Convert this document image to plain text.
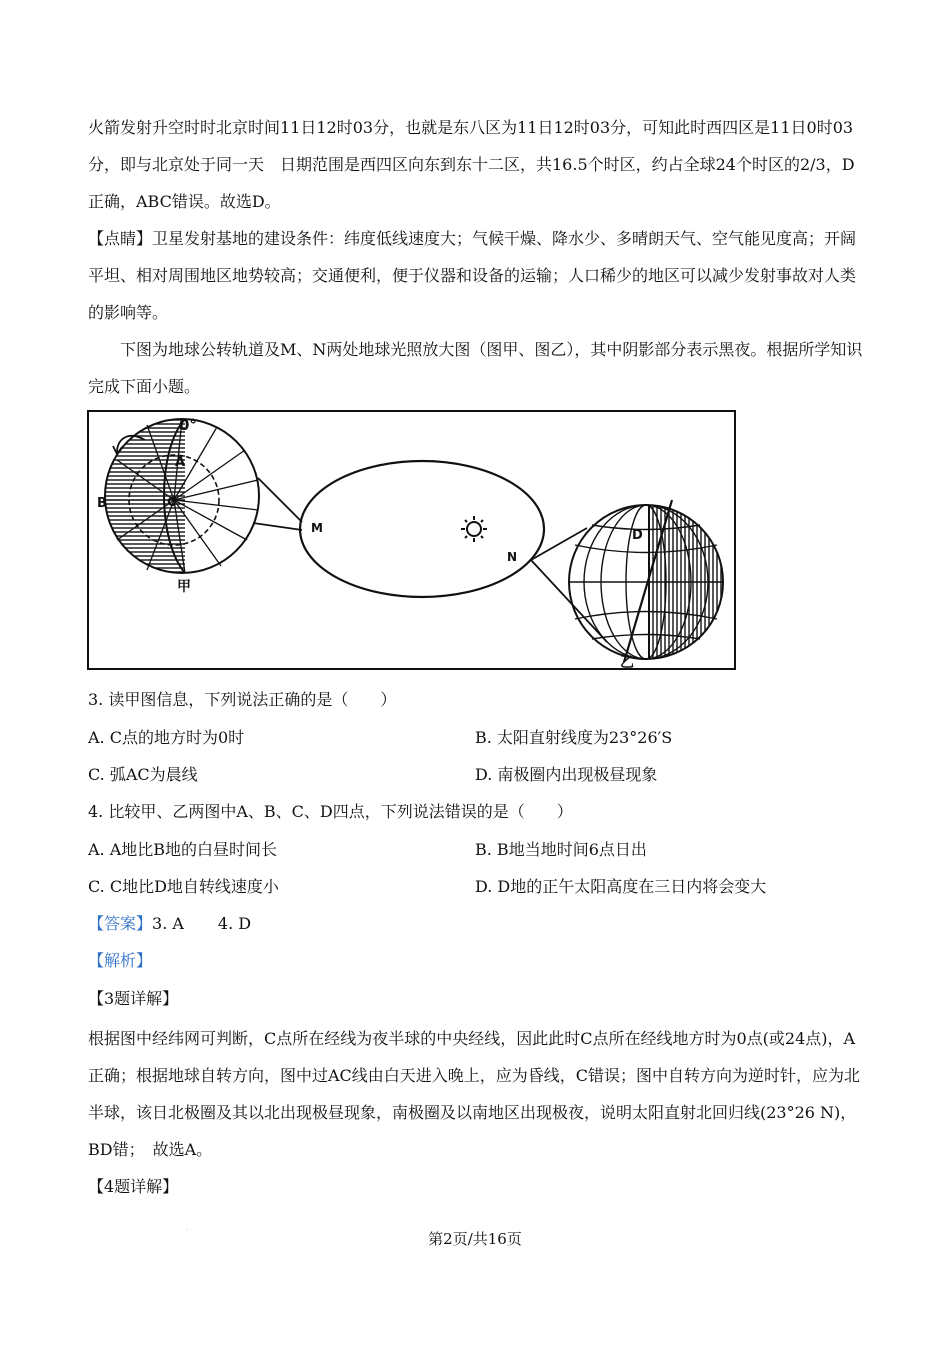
火箭发射升空时时北京时间11日12时03分，也就是东八区为11日12时03分，可知此时西四区是11日0时03分，即与北京处于同一天　日期范围是西四区向东到东十二区，共16.5个时区，约占全球24个时区的2/3，D正确，ABC错误。故选D。

【点睛】卫星发射基地的建设条件：纬度低线速度大；气候干燥、降水少、多晴朗天气、空气能见度高；开阔平坦、相对周围地区地势较高；交通便利，便于仪器和设备的运输；人口稀少的地区可以减少发射事故对人类的影响等。

下图为地球公转轨道及M、N两处地球光照放大图（图甲、图乙），其中阴影部分表示黑夜。根据所学知识完成下面小题。

0°
A
B	C
D
M
N
甲
乙
3. 读甲图信息，下列说法正确的是（　　）
A. C点的地方时为0时	B. 太阳直射线度为23°26′S
C. 弧AC为晨线	D. 南极圈内出现极昼现象
4. 比较甲、乙两图中A、B、C、D四点，下列说法错误的是（　　）
A. A地比B地的白昼时间长	B. B地当地时间6点日出
C. C地比D地自转线速度小	D. D地的正午太阳高度在三日内将会变大
【答案】3. A 4. D
【解析】
【3题详解】

根据图中经纬网可判断，C点所在经线为夜半球的中央经线，因此此时C点所在经线地方时为0点(或24点)，A正确；根据地球自转方向，图中过AC线由白天进入晚上，应为昏线，C错误；图中自转方向为逆时针，应为北半球，该日北极圈及其以北出现极昼现象，南极圈及以南地区出现极夜，说明太阳直射北回归线(23°26 N)，BD错；　故选A。

【4题详解】
.
第2页/共16页
